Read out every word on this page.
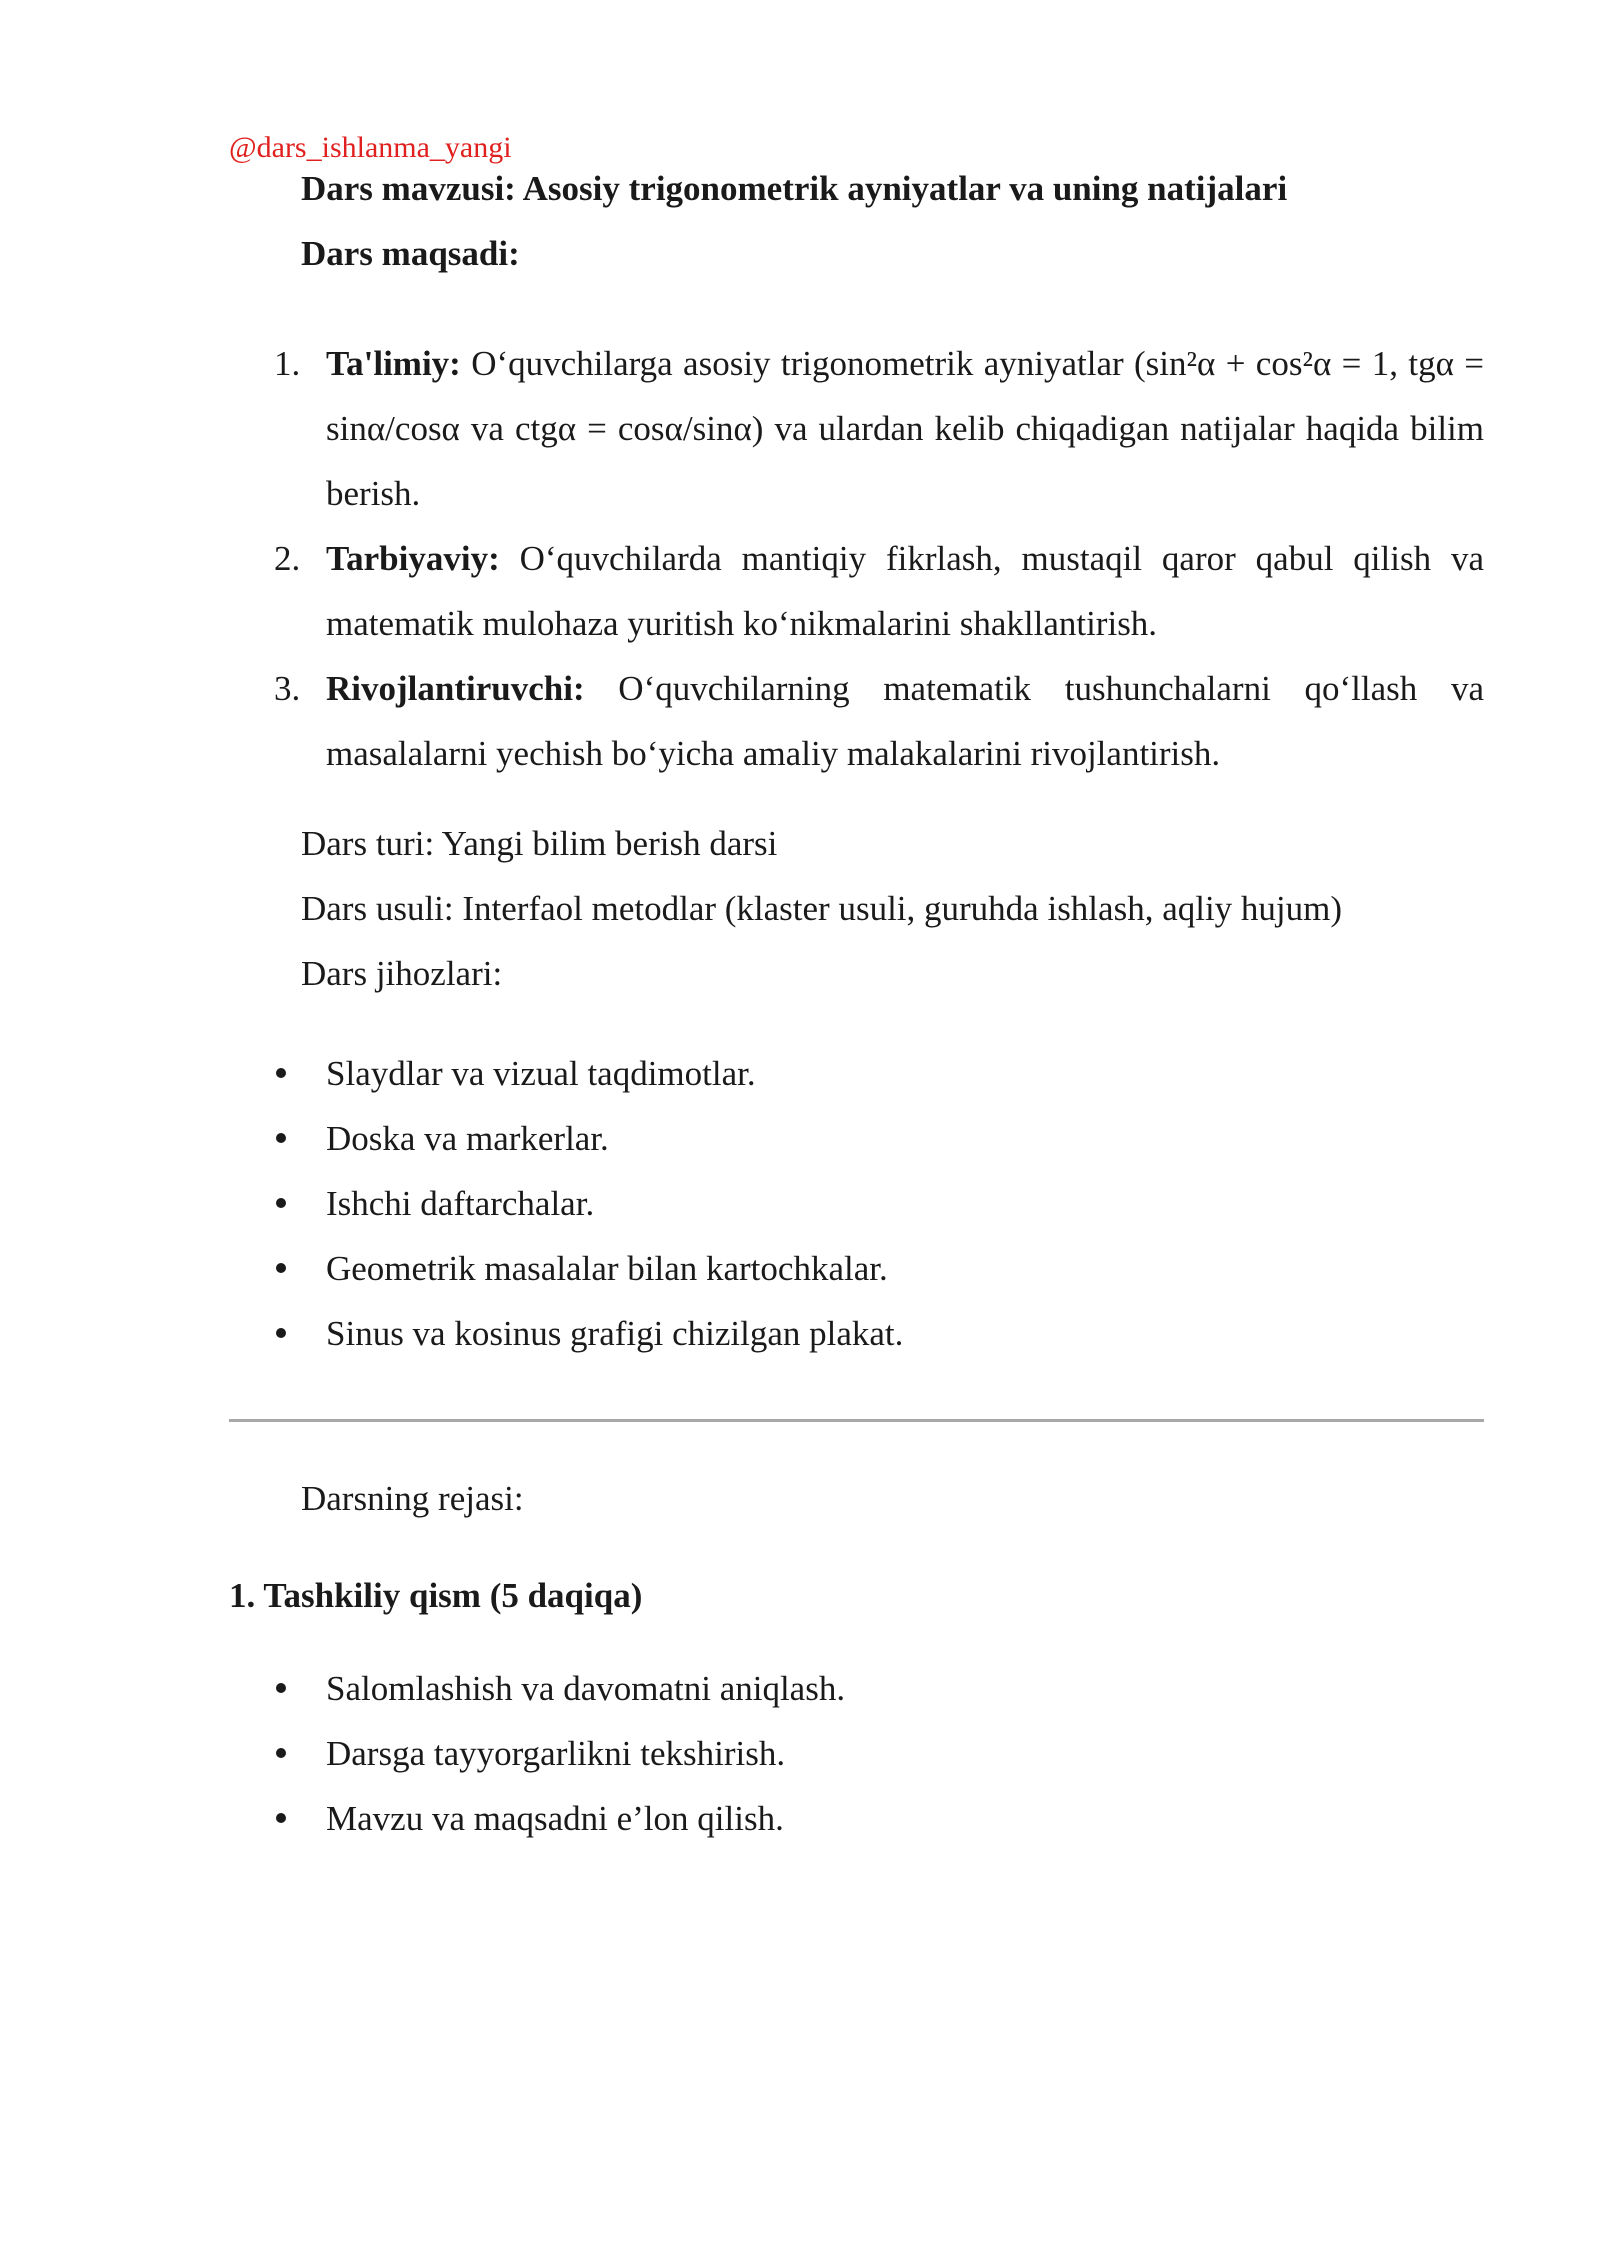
@dars_ishlanma_yangi
Dars mavzusi: Asosiy trigonometrik ayniyatlar va uning natijalari
Dars maqsadi:
1. Ta'limiy: O‘quvchilarga asosiy trigonometrik ayniyatlar (sin²α + cos²α = 1, tgα = sinα/cosα va ctgα = cosα/sinα) va ulardan kelib chiqadigan natijalar haqida bilim berish.
2. Tarbiyaviy: O‘quvchilarda mantiqiy fikrlash, mustaqil qaror qabul qilish va matematik mulohaza yuritish ko‘nikmalarini shakllantirish.
3. Rivojlantiruvchi: O‘quvchilarning matematik tushunchalarni qo‘llash va masalalarni yechish bo‘yicha amaliy malakalarini rivojlantirish.
Dars turi: Yangi bilim berish darsi
Dars usuli: Interfaol metodlar (klaster usuli, guruhda ishlash, aqliy hujum)
Dars jihozlari:
Slaydlar va vizual taqdimotlar.
Doska va markerlar.
Ishchi daftarchalar.
Geometrik masalalar bilan kartochkalar.
Sinus va kosinus grafigi chizilgan plakat.
Darsning rejasi:
1. Tashkiliy qism (5 daqiqa)
Salomlashish va davomatni aniqlash.
Darsga tayyorgarlikni tekshirish.
Mavzu va maqsadni e’lon qilish.
